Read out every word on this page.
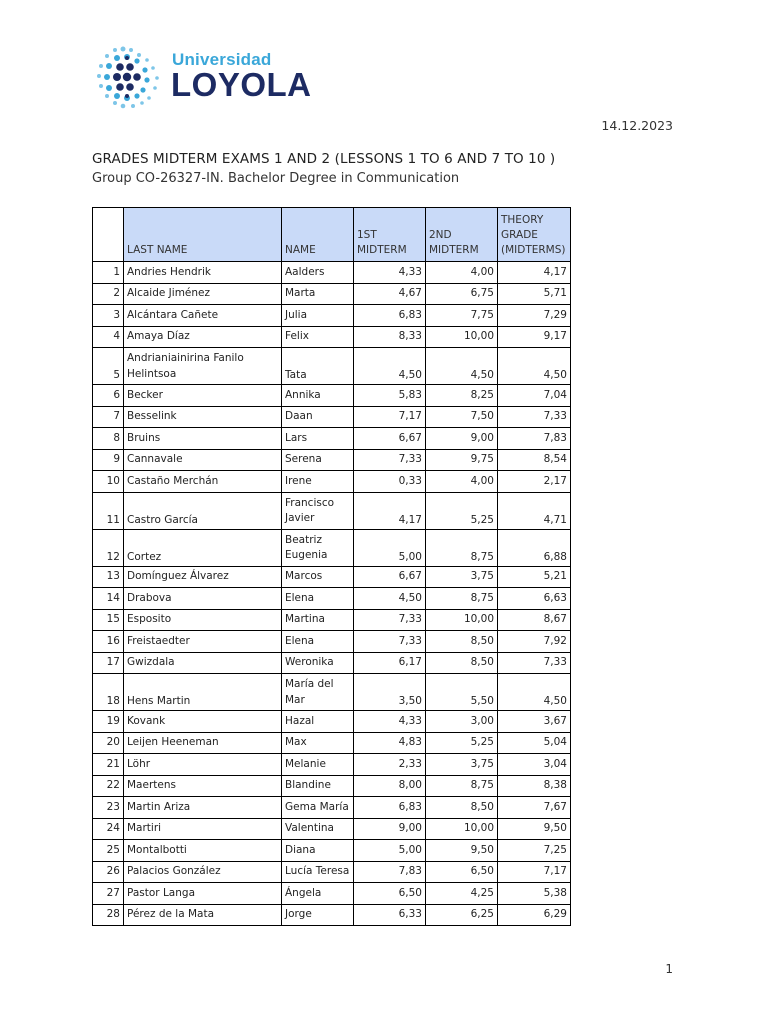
Universidad
LOYOLA
14.12.2023
GRADES MIDTERM EXAMS 1 AND 2 (LESSONS 1 TO 6 AND 7 TO 10 )
Group CO-26327-IN. Bachelor Degree in Communication
	LAST NAME	NAME	1ST MIDTERM	2ND MIDTERM	THEORY GRADE (MIDTERMS)
1	Andries Hendrik	Aalders	4,33	4,00	4,17
2	Alcaide Jiménez	Marta	4,67	6,75	5,71
3	Alcántara Cañete	Julia	6,83	7,75	7,29
4	Amaya Díaz	Felix	8,33	10,00	9,17
5	Andrianiainirina Fanilo Helintsoa	Tata	4,50	4,50	4,50
6	Becker	Annika	5,83	8,25	7,04
7	Besselink	Daan	7,17	7,50	7,33
8	Bruins	Lars	6,67	9,00	7,83
9	Cannavale	Serena	7,33	9,75	8,54
10	Castaño Merchán	Irene	0,33	4,00	2,17
11	Castro García	Francisco Javier	4,17	5,25	4,71
12	Cortez	Beatriz Eugenia	5,00	8,75	6,88
13	Domínguez Álvarez	Marcos	6,67	3,75	5,21
14	Drabova	Elena	4,50	8,75	6,63
15	Esposito	Martina	7,33	10,00	8,67
16	Freistaedter	Elena	7,33	8,50	7,92
17	Gwizdala	Weronika	6,17	8,50	7,33
18	Hens Martin	María del Mar	3,50	5,50	4,50
19	Kovank	Hazal	4,33	3,00	3,67
20	Leijen Heeneman	Max	4,83	5,25	5,04
21	Löhr	Melanie	2,33	3,75	3,04
22	Maertens	Blandine	8,00	8,75	8,38
23	Martin Ariza	Gema María	6,83	8,50	7,67
24	Martiri	Valentina	9,00	10,00	9,50
25	Montalbotti	Diana	5,00	9,50	7,25
26	Palacios González	Lucía Teresa	7,83	6,50	7,17
27	Pastor Langa	Ángela	6,50	4,25	5,38
28	Pérez de la Mata	Jorge	6,33	6,25	6,29
1
